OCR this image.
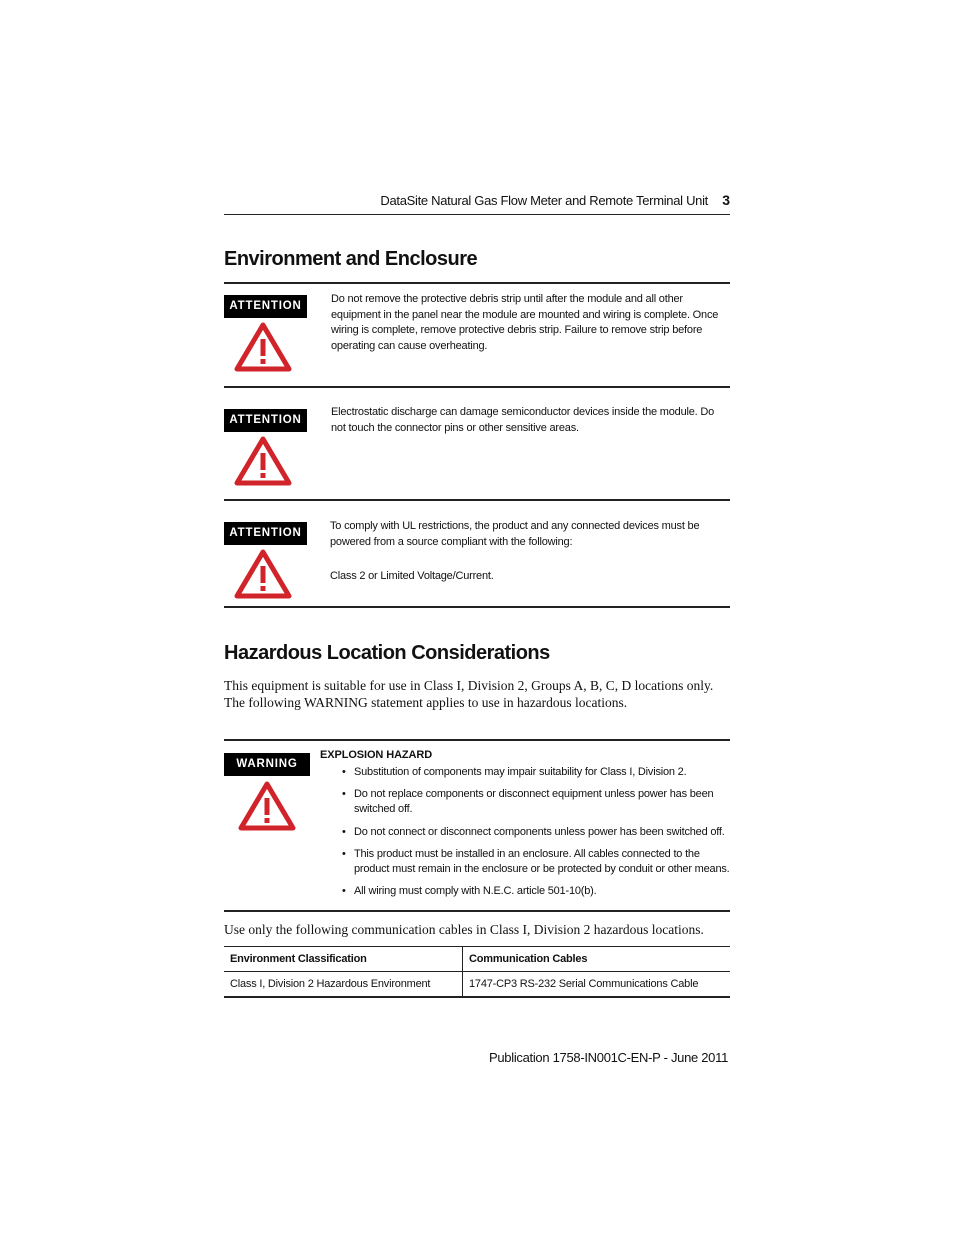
DataSite Natural Gas Flow Meter and Remote Terminal Unit 3
Environment and Enclosure
ATTENTION
Do not remove the protective debris strip until after the module and all other equipment in the panel near the module are mounted and wiring is complete. Once wiring is complete, remove protective debris strip. Failure to remove strip before operating can cause overheating.
ATTENTION
Electrostatic discharge can damage semiconductor devices inside the module. Do not touch the connector pins or other sensitive areas.
ATTENTION
To comply with UL restrictions, the product and any connected devices must be powered from a source compliant with the following:
Class 2 or Limited Voltage/Current.
Hazardous Location Considerations
This equipment is suitable for use in Class I, Division 2, Groups A, B, C, D locations only. The following WARNING statement applies to use in hazardous locations.
WARNING
EXPLOSION HAZARD
• Substitution of components may impair suitability for Class I, Division 2.
• Do not replace components or disconnect equipment unless power has been switched off.
• Do not connect or disconnect components unless power has been switched off.
• This product must be installed in an enclosure. All cables connected to the product must remain in the enclosure or be protected by conduit or other means.
• All wiring must comply with N.E.C. article 501-10(b).
Use only the following communication cables in Class I, Division 2 hazardous locations.
Environment Classification	Communication Cables
Class I, Division 2 Hazardous Environment	1747-CP3 RS-232 Serial Communications Cable
Publication 1758-IN001C-EN-P - June 2011
